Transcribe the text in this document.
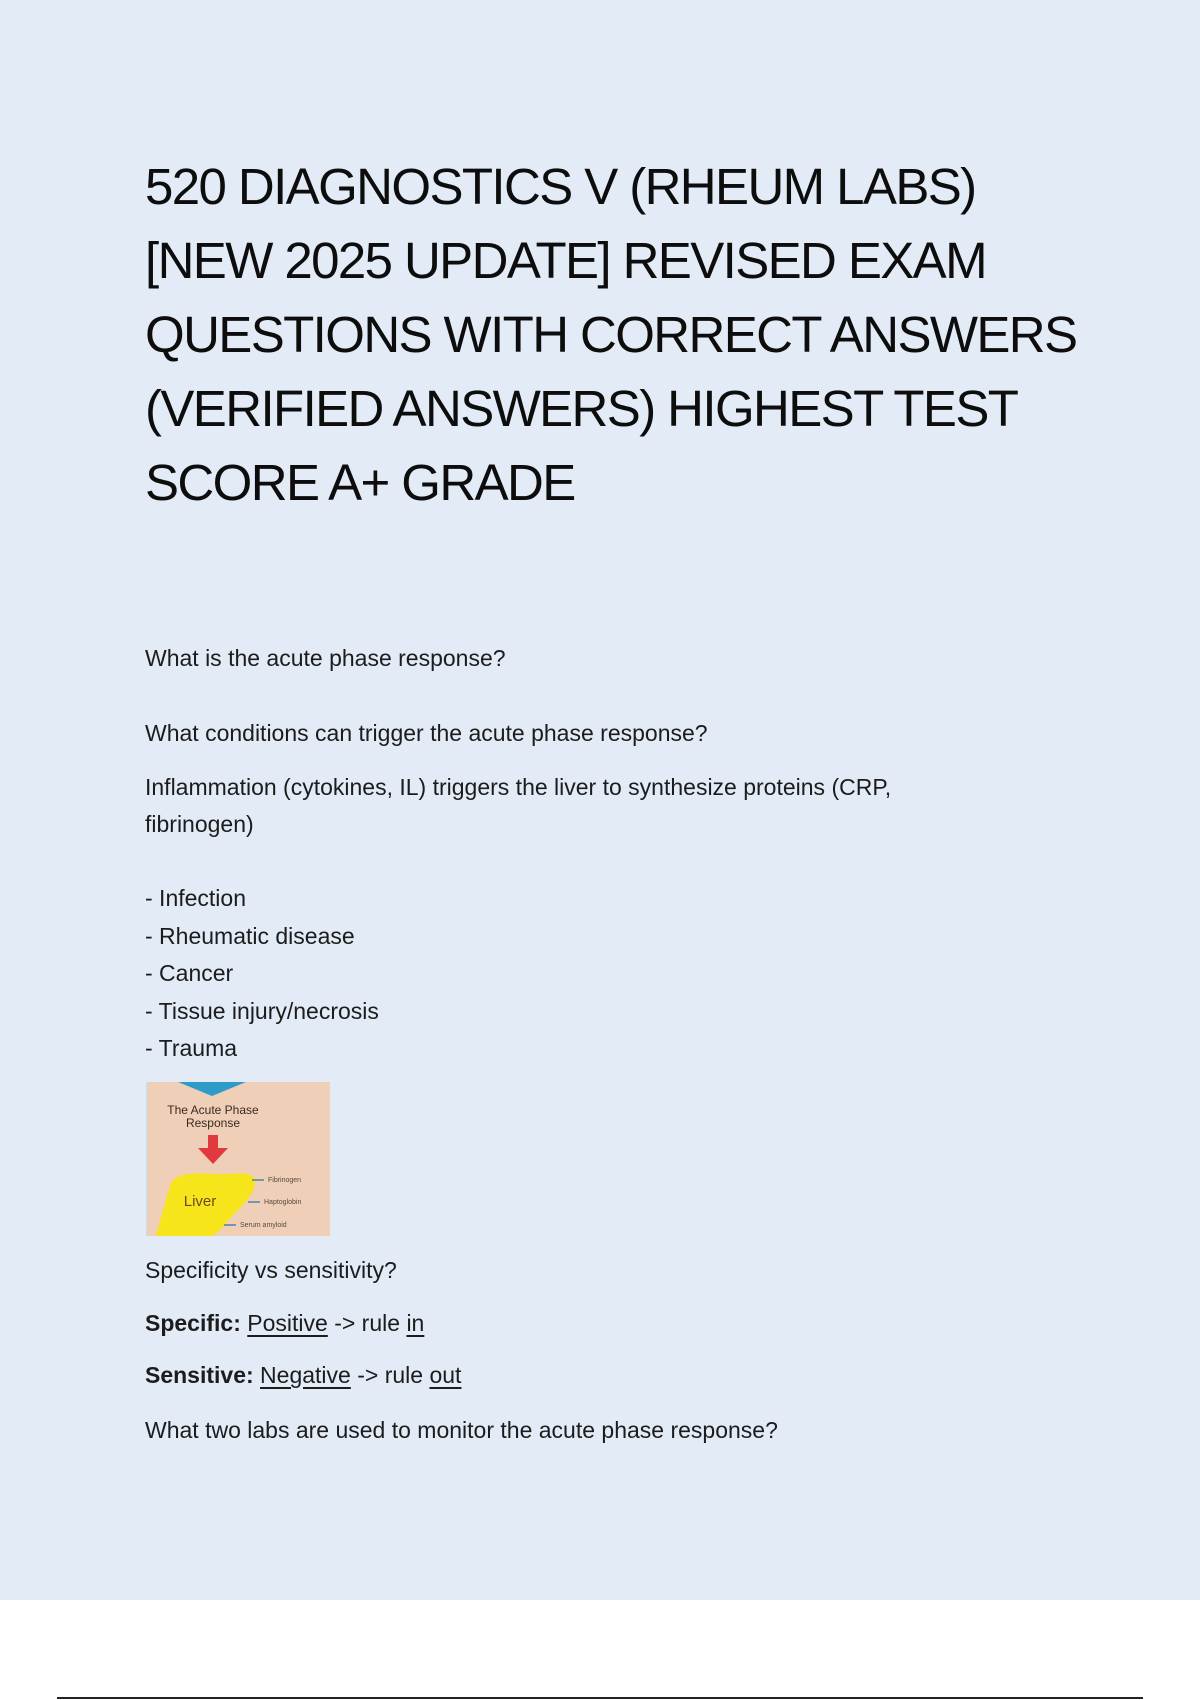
520 DIAGNOSTICS V (RHEUM LABS) [NEW 2025 UPDATE] REVISED EXAM QUESTIONS WITH CORRECT ANSWERS (VERIFIED ANSWERS) HIGHEST TEST SCORE A+ GRADE

What is the acute phase response?

What conditions can trigger the acute phase response?

Inflammation (cytokines, IL) triggers the liver to synthesize proteins (CRP, fibrinogen)

- Infection
- Rheumatic disease
- Cancer
- Tissue injury/necrosis
- Trauma

Specificity vs sensitivity?

Specific: Positive -> rule in

Sensitive: Negative -> rule out

What two labs are used to monitor the acute phase response?

The Acute Phase
Response
Liver
Fibrinogen
Haptoglobin
Serum amyloid
